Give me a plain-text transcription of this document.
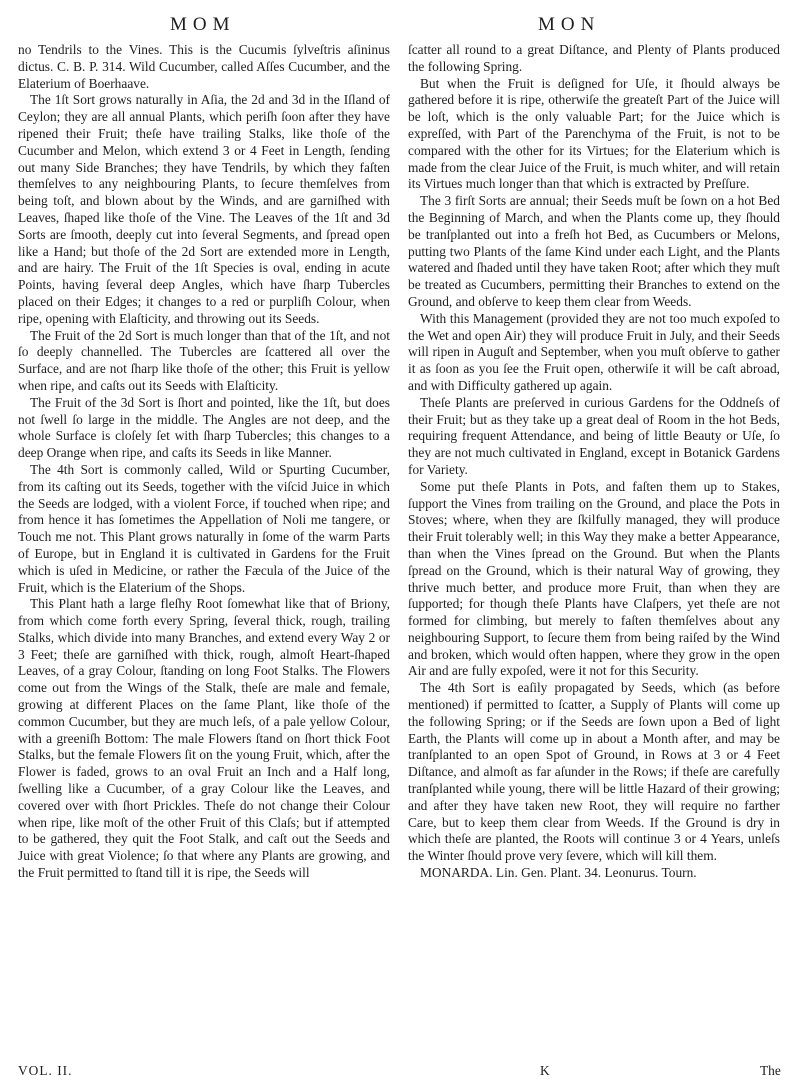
MOM	MON

no Tendrils to the Vines. This is the Cucumis ſylveſtris aſininus dictus. C. B. P. 314. Wild Cucumber, called Aſſes Cucumber, and the Elaterium of Boerhaave.

The 1ſt Sort grows naturally in Aſia, the 2d and 3d in the Iſland of Ceylon; they are all annual Plants, which periſh ſoon after they have ripened their Fruit; theſe have trailing Stalks, like thoſe of the Cucumber and Melon, which extend 3 or 4 Feet in Length, ſending out many Side Branches; they have Tendrils, by which they faſten themſelves to any neighbouring Plants, to ſecure themſelves from being toſt, and blown about by the Winds, and are garniſhed with Leaves, ſhaped like thoſe of the Vine. The Leaves of the 1ſt and 3d Sorts are ſmooth, deeply cut into ſeveral Segments, and ſpread open like a Hand; but thoſe of the 2d Sort are extended more in Length, and are hairy. The Fruit of the 1ſt Species is oval, ending in acute Points, having ſeveral deep Angles, which have ſharp Tubercles placed on their Edges; it changes to a red or purpliſh Colour, when ripe, opening with Elaſticity, and throwing out its Seeds.

The Fruit of the 2d Sort is much longer than that of the 1ſt, and not ſo deeply channelled. The Tubercles are ſcattered all over the Surface, and are not ſharp like thoſe of the other; this Fruit is yellow when ripe, and caſts out its Seeds with Elaſticity.

The Fruit of the 3d Sort is ſhort and pointed, like the 1ſt, but does not ſwell ſo large in the middle. The Angles are not deep, and the whole Surface is cloſely ſet with ſharp Tubercles; this changes to a deep Orange when ripe, and caſts its Seeds in like Manner.

The 4th Sort is commonly called, Wild or Spurting Cucumber, from its caſting out its Seeds, together with the viſcid Juice in which the Seeds are lodged, with a violent Force, if touched when ripe; and from hence it has ſometimes the Appellation of Noli me tangere, or Touch me not. This Plant grows naturally in ſome of the warm Parts of Europe, but in England it is cultivated in Gardens for the Fruit which is uſed in Medicine, or rather the Fæcula of the Juice of the Fruit, which is the Elaterium of the Shops.

This Plant hath a large fleſhy Root ſomewhat like that of Briony, from which come forth every Spring, ſeveral thick, rough, trailing Stalks, which divide into many Branches, and extend every Way 2 or 3 Feet; theſe are garniſhed with thick, rough, almoſt Heart-ſhaped Leaves, of a gray Colour, ſtanding on long Foot Stalks. The Flowers come out from the Wings of the Stalk, theſe are male and female, growing at different Places on the ſame Plant, like thoſe of the common Cucumber, but they are much leſs, of a pale yellow Colour, with a greeniſh Bottom: The male Flowers ſtand on ſhort thick Foot Stalks, but the female Flowers ſit on the young Fruit, which, after the Flower is faded, grows to an oval Fruit an Inch and a Half long, ſwelling like a Cucumber, of a gray Colour like the Leaves, and covered over with ſhort Prickles. Theſe do not change their Colour when ripe, like moſt of the other Fruit of this Claſs; but if attempted to be gathered, they quit the Foot Stalk, and caſt out the Seeds and Juice with great Violence; ſo that where any Plants are growing, and the Fruit permitted to ſtand till it is ripe, the Seeds will

ſcatter all round to a great Diſtance, and Plenty of Plants produced the following Spring.

But when the Fruit is deſigned for Uſe, it ſhould always be gathered before it is ripe, otherwiſe the greateſt Part of the Juice will be loſt, which is the only valuable Part; for the Juice which is expreſſed, with Part of the Parenchyma of the Fruit, is not to be compared with the other for its Virtues; for the Elaterium which is made from the clear Juice of the Fruit, is much whiter, and will retain its Virtues much longer than that which is extracted by Preſſure.

The 3 firſt Sorts are annual; their Seeds muſt be ſown on a hot Bed the Beginning of March, and when the Plants come up, they ſhould be tranſplanted out into a freſh hot Bed, as Cucumbers or Melons, putting two Plants of the ſame Kind under each Light, and the Plants watered and ſhaded until they have taken Root; after which they muſt be treated as Cucumbers, permitting their Branches to extend on the Ground, and obſerve to keep them clear from Weeds.

With this Management (provided they are not too much expoſed to the Wet and open Air) they will produce Fruit in July, and their Seeds will ripen in Auguſt and September, when you muſt obſerve to gather it as ſoon as you ſee the Fruit open, otherwiſe it will be caſt abroad, and with Difficulty gathered up again.

Theſe Plants are preſerved in curious Gardens for the Oddneſs of their Fruit; but as they take up a great deal of Room in the hot Beds, requiring frequent Attendance, and being of little Beauty or Uſe, ſo they are not much cultivated in England, except in Botanick Gardens for Variety.

Some put theſe Plants in Pots, and faſten them up to Stakes, ſupport the Vines from trailing on the Ground, and place the Pots in Stoves; where, when they are ſkilfully managed, they will produce their Fruit tolerably well; in this Way they make a better Appearance, than when the Vines ſpread on the Ground. But when the Plants ſpread on the Ground, which is their natural Way of growing, they thrive much better, and produce more Fruit, than when they are ſupported; for though theſe Plants have Claſpers, yet theſe are not formed for climbing, but merely to faſten themſelves about any neighbouring Support, to ſecure them from being raiſed by the Wind and broken, which would often happen, where they grow in the open Air and are fully expoſed, were it not for this Security.

The 4th Sort is eaſily propagated by Seeds, which (as before mentioned) if permitted to ſcatter, a Supply of Plants will come up the following Spring; or if the Seeds are ſown upon a Bed of light Earth, the Plants will come up in about a Month after, and may be tranſplanted to an open Spot of Ground, in Rows at 3 or 4 Feet Diſtance, and almoſt as far aſunder in the Rows; if theſe are carefully tranſplanted while young, there will be little Hazard of their growing; and after they have taken new Root, they will require no farther Care, but to keep them clear from Weeds. If the Ground is dry in which theſe are planted, the Roots will continue 3 or 4 Years, unleſs the Winter ſhould prove very ſevere, which will kill them.

MONARDA. Lin. Gen. Plant. 34. Leonurus. Tourn.

VOL. II.	K	The
